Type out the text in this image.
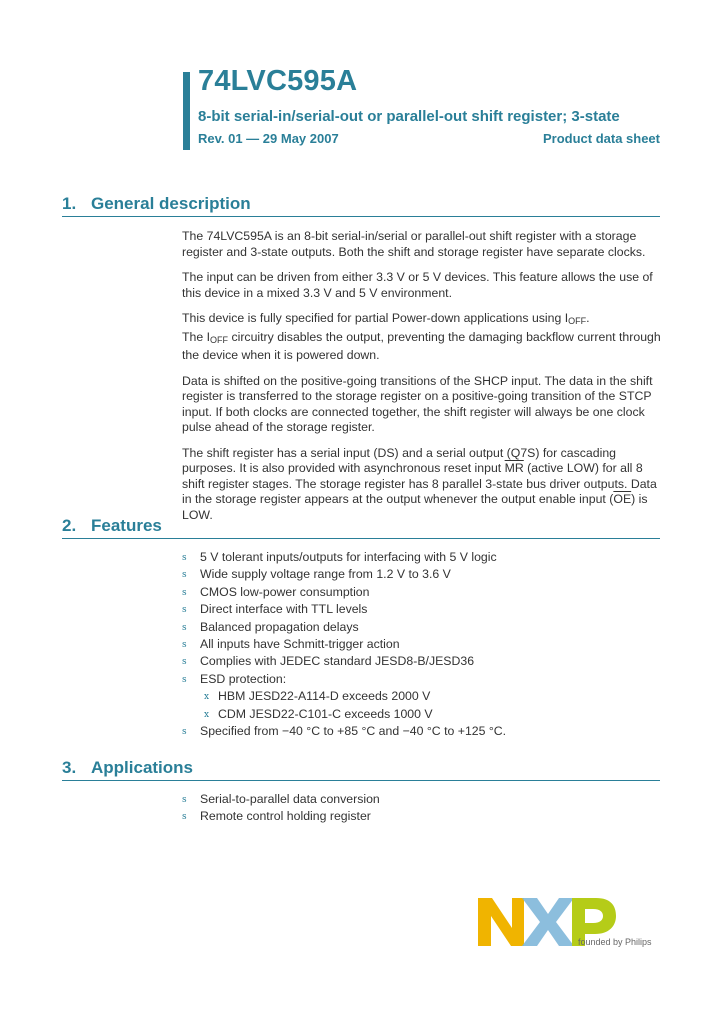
74LVC595A
8-bit serial-in/serial-out or parallel-out shift register; 3-state
Rev. 01 — 29 May 2007	Product data sheet
1. General description

The 74LVC595A is an 8-bit serial-in/serial or parallel-out shift register with a storage register and 3-state outputs. Both the shift and storage register have separate clocks.

The input can be driven from either 3.3 V or 5 V devices. This feature allows the use of this device in a mixed 3.3 V and 5 V environment.

This device is fully specified for partial Power-down applications using $I_{OFF}$.
The $I_{OFF}$ circuitry disables the output, preventing the damaging backflow current through the device when it is powered down.

Data is shifted on the positive-going transitions of the SHCP input. The data in the shift register is transferred to the storage register on a positive-going transition of the STCP input. If both clocks are connected together, the shift register will always be one clock pulse ahead of the storage register.

The shift register has a serial input (DS) and a serial output (Q7S) for cascading purposes. It is also provided with asynchronous reset input $\overline{MR}$ (active LOW) for all 8 shift register stages. The storage register has 8 parallel 3-state bus driver outputs. Data in the storage register appears at the output whenever the output enable input $(\overline{OE})$ is LOW.

2. Features
s 5 V tolerant inputs/outputs for interfacing with 5 V logic
s Wide supply voltage range from 1.2 V to 3.6 V
s CMOS low-power consumption
s Direct interface with TTL levels
s Balanced propagation delays
s All inputs have Schmitt-trigger action
s Complies with JEDEC standard JESD8-B/JESD36
s ESD protection:
x HBM JESD22-A114-D exceeds 2000 V
x CDM JESD22-C101-C exceeds 1000 V
s Specified from −40 °C to +85 °C and −40 °C to +125 °C.
3. Applications
s Serial-to-parallel data conversion
s Remote control holding register
founded by Philips
